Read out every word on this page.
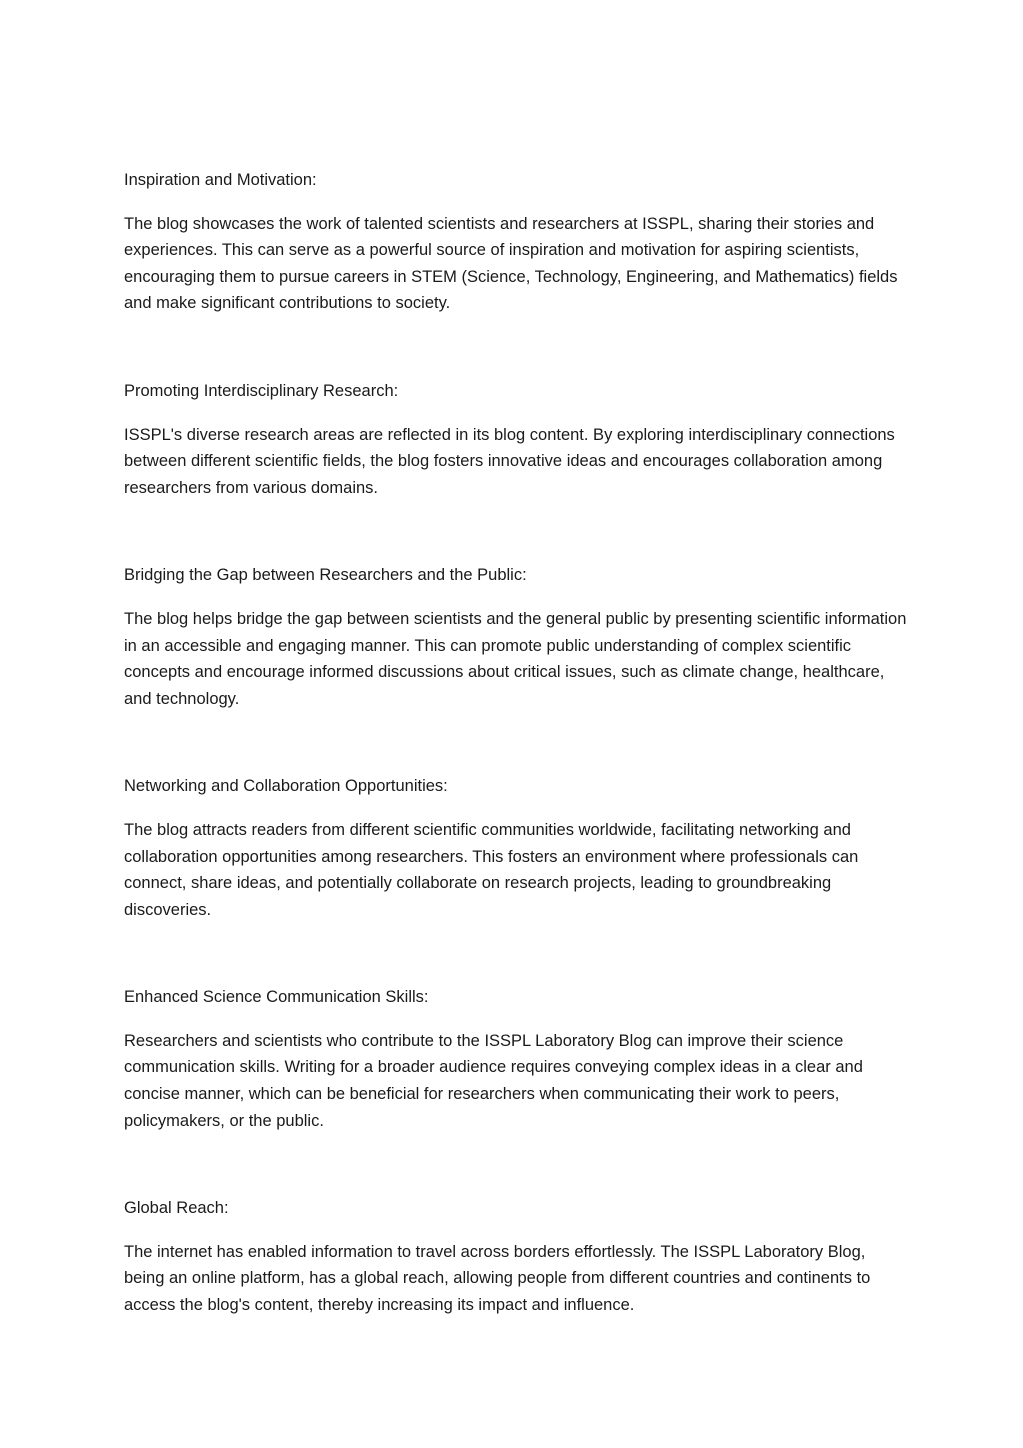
Inspiration and Motivation:

The blog showcases the work of talented scientists and researchers at ISSPL, sharing their stories and experiences. This can serve as a powerful source of inspiration and motivation for aspiring scientists, encouraging them to pursue careers in STEM (Science, Technology, Engineering, and Mathematics) fields and make significant contributions to society.

Promoting Interdisciplinary Research:

ISSPL's diverse research areas are reflected in its blog content. By exploring interdisciplinary connections between different scientific fields, the blog fosters innovative ideas and encourages collaboration among researchers from various domains.

Bridging the Gap between Researchers and the Public:

The blog helps bridge the gap between scientists and the general public by presenting scientific information in an accessible and engaging manner. This can promote public understanding of complex scientific concepts and encourage informed discussions about critical issues, such as climate change, healthcare, and technology.

Networking and Collaboration Opportunities:

The blog attracts readers from different scientific communities worldwide, facilitating networking and collaboration opportunities among researchers. This fosters an environment where professionals can connect, share ideas, and potentially collaborate on research projects, leading to groundbreaking discoveries.

Enhanced Science Communication Skills:

Researchers and scientists who contribute to the ISSPL Laboratory Blog can improve their science communication skills. Writing for a broader audience requires conveying complex ideas in a clear and concise manner, which can be beneficial for researchers when communicating their work to peers, policymakers, or the public.

Global Reach:

The internet has enabled information to travel across borders effortlessly. The ISSPL Laboratory Blog, being an online platform, has a global reach, allowing people from different countries and continents to access the blog's content, thereby increasing its impact and influence.
